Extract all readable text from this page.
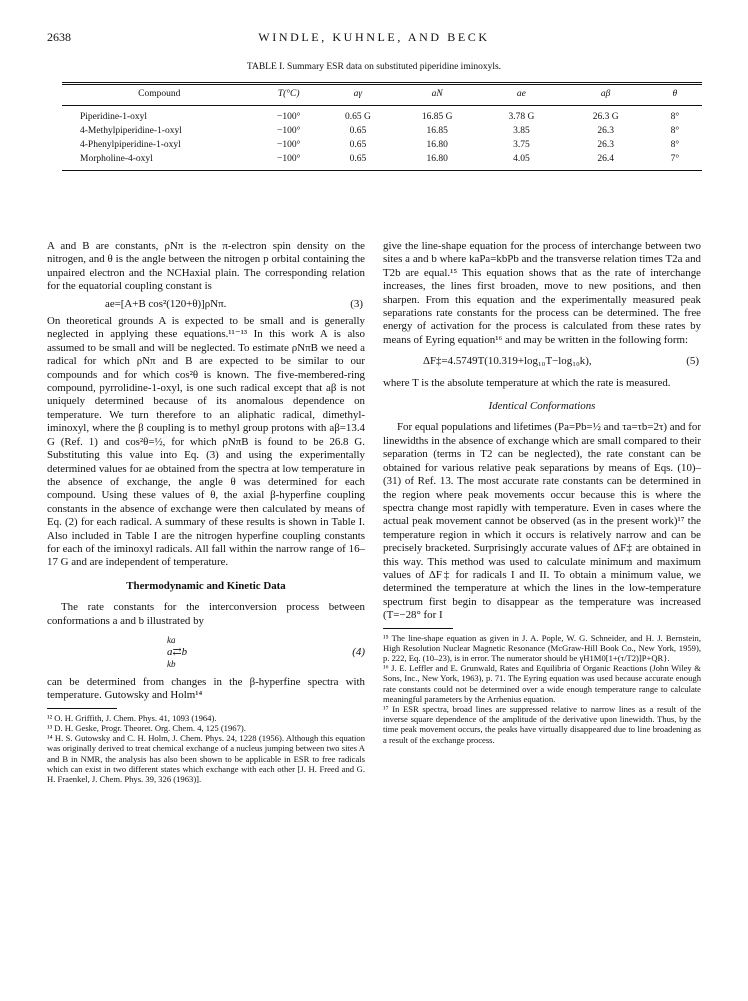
2638	WINDLE, KUHNLE, AND BECK
TABLE I. Summary ESR data on substituted piperidine iminoxyls.
Compound	T(°C)	aγ	aN	ae	aβ	θ
Piperidine-1-oxyl	−100°	0.65 G	16.85 G	3.78 G	26.3 G	8°
4-Methylpiperidine-1-oxyl	−100°	0.65	16.85	3.85	26.3	8°
4-Phenylpiperidine-1-oxyl	−100°	0.65	16.80	3.75	26.3	8°
Morpholine-4-oxyl	−100°	0.65	16.80	4.05	26.4	7°

A and B are constants, ρNπ is the π-electron spin density on the nitrogen, and θ is the angle between the nitrogen p orbital containing the unpaired electron and the NCHaxial plain. The corresponding relation for the equatorial coupling constant is

ae=[A+B cos²(120+θ)]ρNπ.	(3)

On theoretical grounds A is expected to be small and is generally neglected in applying these equations.¹¹⁻¹³ In this work A is also assumed to be small and will be neglected. To estimate ρNπB we need a radical for which ρNπ and B are expected to be similar to our compounds and for which cos²θ is known. The five-membered-ring compound, pyrrolidine-1-oxyl, is one such radical except that aβ is not uniquely determined because of its anomalous dependence on temperature. We turn therefore to an aliphatic radical, dimethyl-iminoxyl, where the β coupling is to methyl group protons with aβ=13.4 G (Ref. 1) and cos²θ=½, for which ρNπB is found to be 26.8 G. Substituting this value into Eq. (3) and using the experimentally determined values for ae obtained from the spectra at low temperature in the absence of exchange, the angle θ was determined for each compound. Using these values of θ, the axial β-hyperfine coupling constants in the absence of exchange were then calculated by means of Eq. (2) for each radical. A summary of these results is shown in Table I. Also included in Table I are the nitrogen hyperfine coupling constants for each of the iminoxyl radicals. All fall within the narrow range of 16–17 G and are independent of temperature.

Thermodynamic and Kinetic Data

The rate constants for the interconversion process between conformations a and b illustrated by

ka
a⇄b	(4)
kb

can be determined from changes in the β-hyperfine spectra with temperature. Gutowsky and Holm¹⁴

¹² O. H. Griffith, J. Chem. Phys. 41, 1093 (1964).
¹³ D. H. Geske, Progr. Theoret. Org. Chem. 4, 125 (1967).
¹⁴ H. S. Gutowsky and C. H. Holm, J. Chem. Phys. 24, 1228 (1956). Although this equation was originally derived to treat chemical exchange of a nucleus jumping between two sites A and B in NMR, the analysis has also been shown to be applicable in ESR to free radicals which can exist in two different states which exchange with each other [J. H. Freed and G. H. Fraenkel, J. Chem. Phys. 39, 326 (1963)].

give the line-shape equation for the process of interchange between two sites a and b where kaPa=kbPb and the transverse relation times T2a and T2b are equal.¹⁵ This equation shows that as the rate of interchange increases, the lines first broaden, move to new positions, and then sharpen. From this equation and the experimentally measured peak separations rate constants for the process can be determined. The free energy of activation for the process is calculated from these rates by means of Eyring equation¹⁶ and may be written in the following form:

ΔF‡=4.5749T(10.319+log₁₀T−log₁₀k),	(5)

where T is the absolute temperature at which the rate is measured.

Identical Conformations

For equal populations and lifetimes (Pa=Pb=½ and τa=τb=2τ) and for linewidths in the absence of exchange which are small compared to their separation (terms in T2 can be neglected), the rate constant can be obtained for various relative peak separations by means of Eqs. (10)–(31) of Ref. 13. The most accurate rate constants can be determined in the region where peak movements occur because this is where the spectra change most rapidly with temperature. Even in cases where the actual peak movement cannot be observed (as in the present work)¹⁷ the temperature region in which it occurs is relatively narrow and can be precisely bracketed. Surprisingly accurate values of ΔF‡ are obtained in this way. This method was used to calculate minimum and maximum values of ΔF‡ for radicals I and II. To obtain a minimum value, we determined the temperature at which the lines in the low-temperature spectrum first begin to disappear as the temperature was increased (T=−28° for I

¹⁵ The line-shape equation as given in J. A. Pople, W. G. Schneider, and H. J. Bernstein, High Resolution Nuclear Magnetic Resonance (McGraw-Hill Book Co., New York, 1959), p. 222, Eq. (10–23), is in error. The numerator should be γH1M0[1+(τ/T2)]P+QR}.
¹⁶ J. E. Leffler and E. Grunwald, Rates and Equilibria of Organic Reactions (John Wiley & Sons, Inc., New York, 1963), p. 71. The Eyring equation was used because accurate enough rate constants could not be determined over a wide enough temperature range to calculate meaningful parameters by the Arrhenius equation.
¹⁷ In ESR spectra, broad lines are suppressed relative to narrow lines as a result of the inverse square dependence of the amplitude of the derivative upon linewidth. Thus, by the time peak movement occurs, the peaks have virtually disappeared due to line broadening as a result of the exchange process.
